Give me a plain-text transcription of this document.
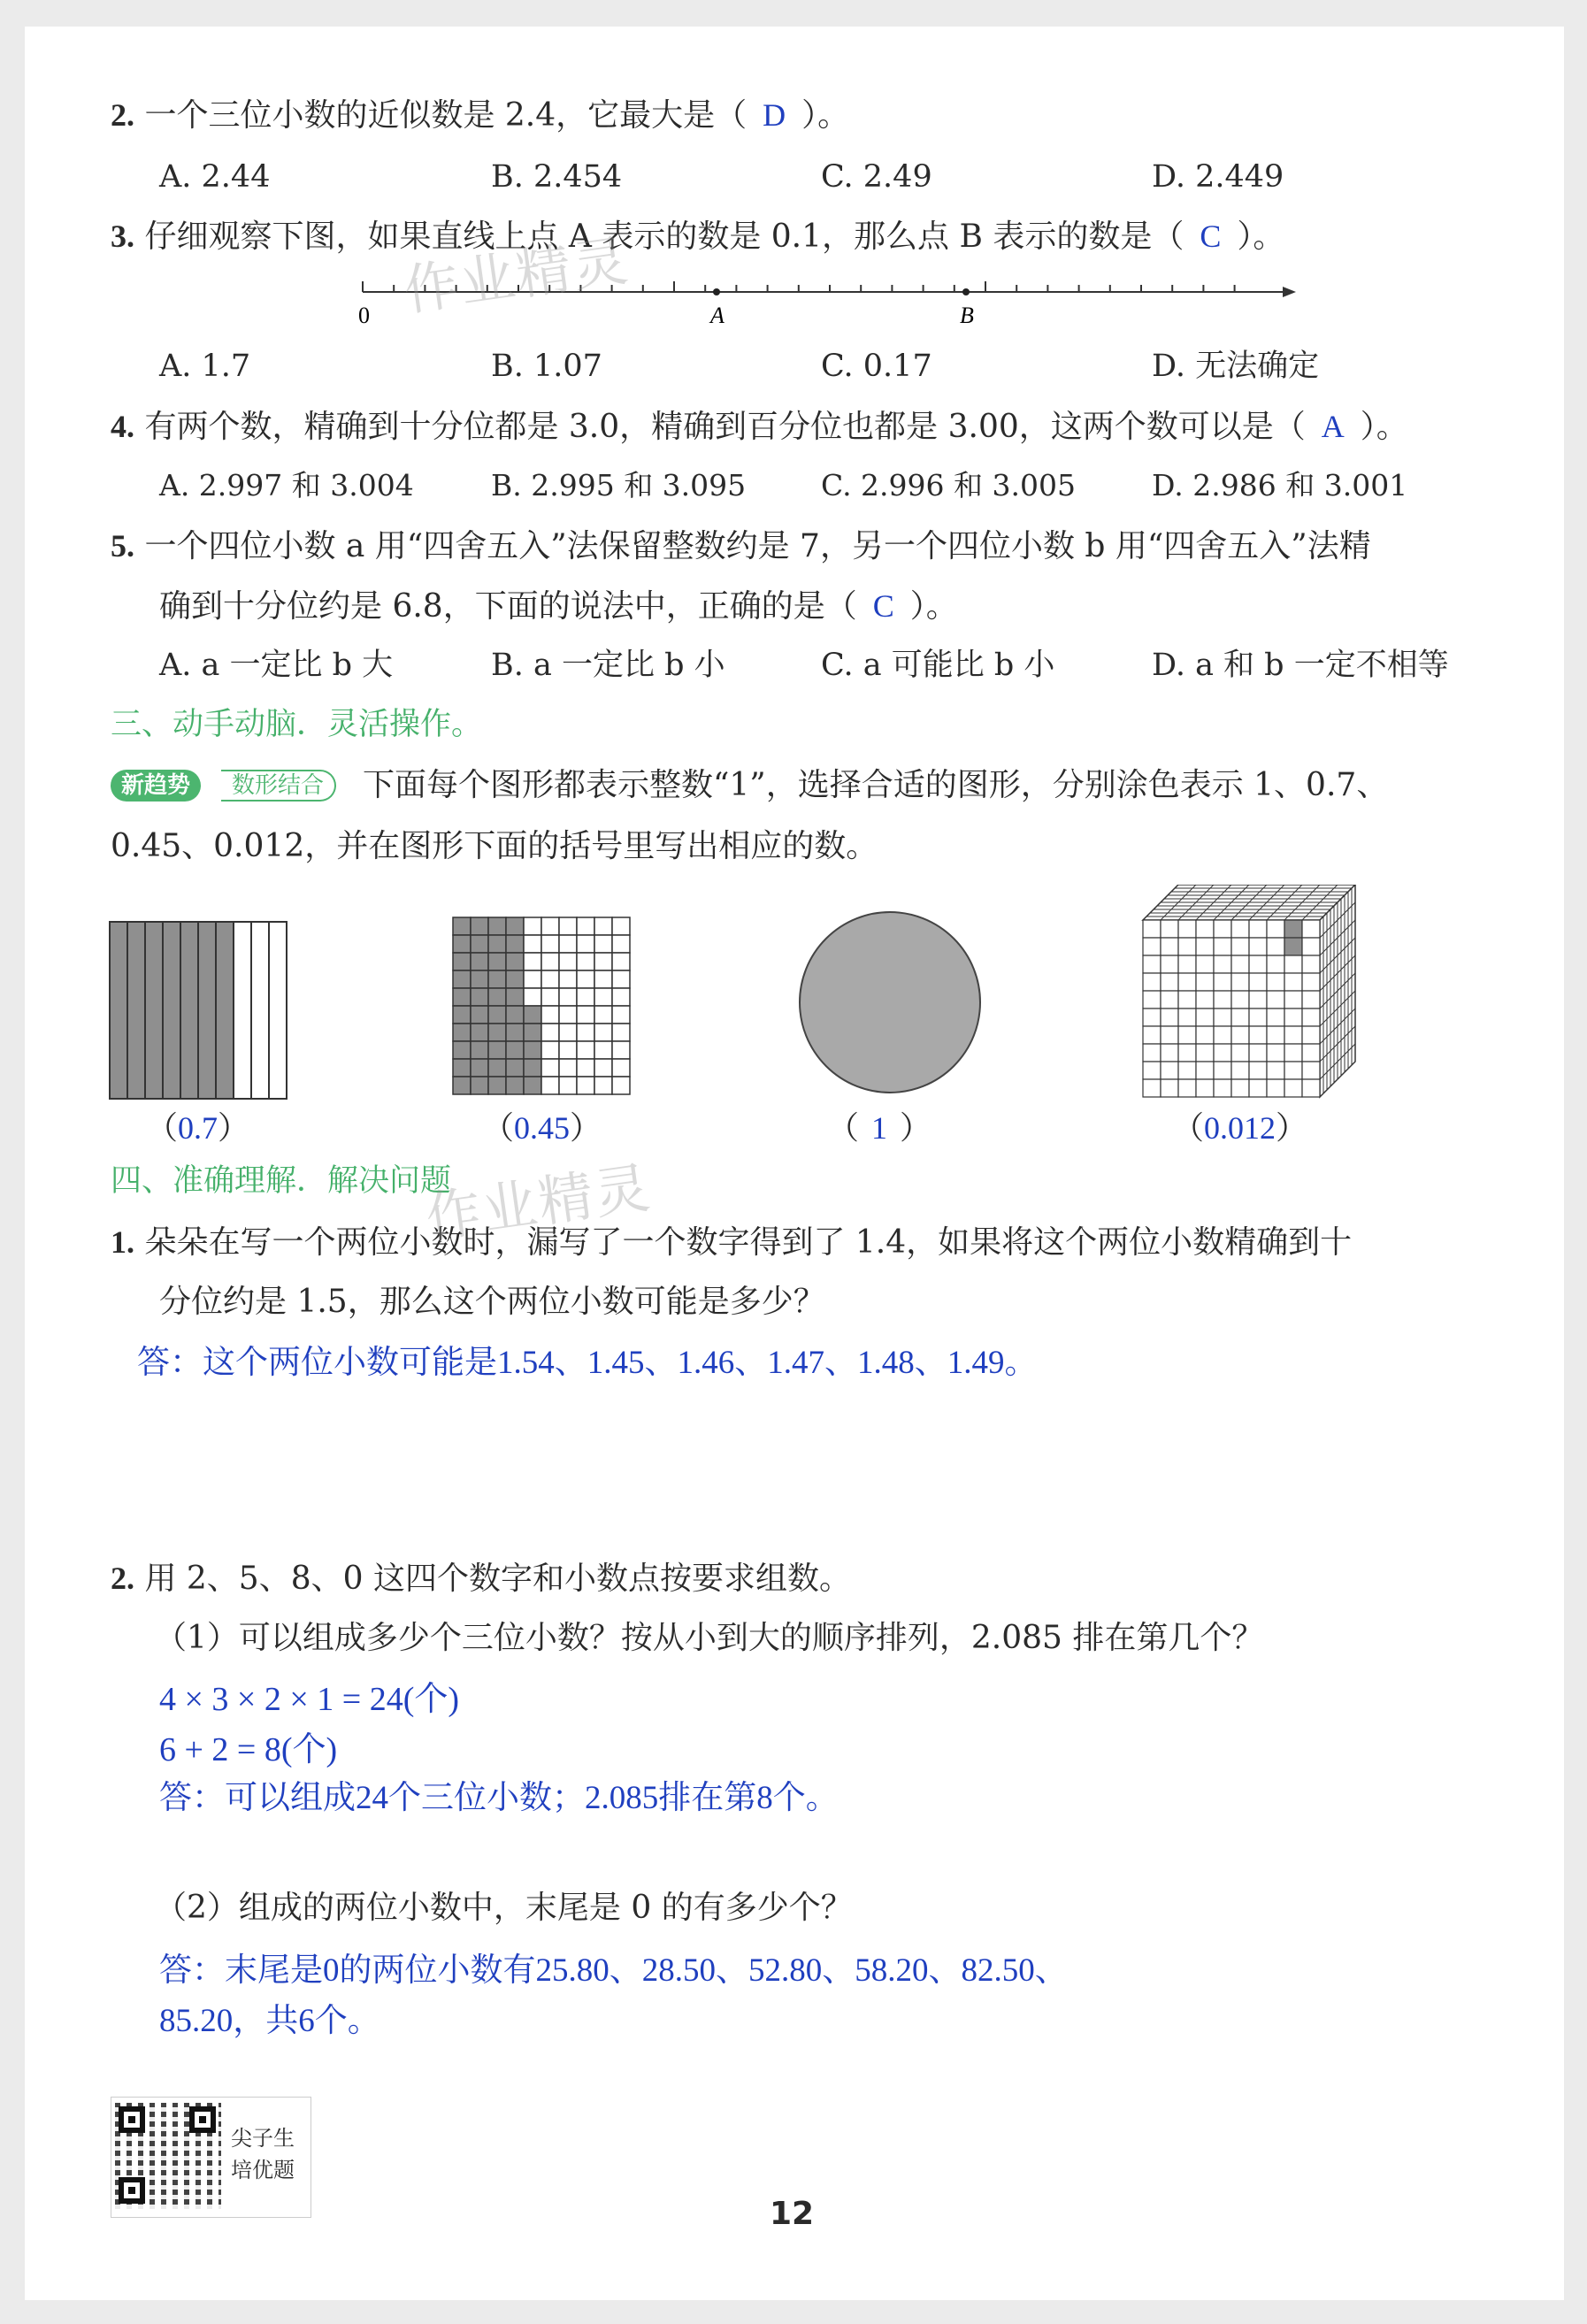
2. 一个三位小数的近似数是 2.4，它最大是（ D ）。
A. 2.44	B. 2.454	C. 2.49	D. 2.449
3. 仔细观察下图，如果直线上点 A 表示的数是 0.1，那么点 B 表示的数是（ C ）。
0	A	B
A. 1.7	B. 1.07	C. 0.17	D. 无法确定
4. 有两个数，精确到十分位都是 3.0，精确到百分位也都是 3.00，这两个数可以是（ A ）。
A. 2.997 和 3.004	B. 2.995 和 3.095	C. 2.996 和 3.005	D. 2.986 和 3.001
5. 一个四位小数 a 用“四舍五入”法保留整数约是 7，另一个四位小数 b 用“四舍五入”法精
确到十分位约是 6.8，下面的说法中，正确的是（ C ）。
A. a 一定比 b 大	B. a 一定比 b 小	C. a 可能比 b 小	D. a 和 b 一定不相等
三、动手动脑．灵活操作。
新趋势	数形结合	下面每个图形都表示整数“1”，选择合适的图形，分别涂色表示 1、0.7、
0.45、0.012，并在图形下面的括号里写出相应的数。
（0.7）	（0.45）	（ 1 ）	（0.012）
四、准确理解．解决问题
1. 朵朵在写一个两位小数时，漏写了一个数字得到了 1.4，如果将这个两位小数精确到十
分位约是 1.5，那么这个两位小数可能是多少？
答：这个两位小数可能是1.54、1.45、1.46、1.47、1.48、1.49。
2. 用 2、5、8、0 这四个数字和小数点按要求组数。
（1）可以组成多少个三位小数？按从小到大的顺序排列，2.085 排在第几个？
4 × 3 × 2 × 1 = 24(个)
6 + 2 = 8(个)
答：可以组成24个三位小数；2.085排在第8个。
（2）组成的两位小数中，末尾是 0 的有多少个？
答：末尾是0的两位小数有25.80、28.50、52.80、58.20、82.50、
85.20，共6个。
作业精灵
作业精灵
尖子生
培优题
12
